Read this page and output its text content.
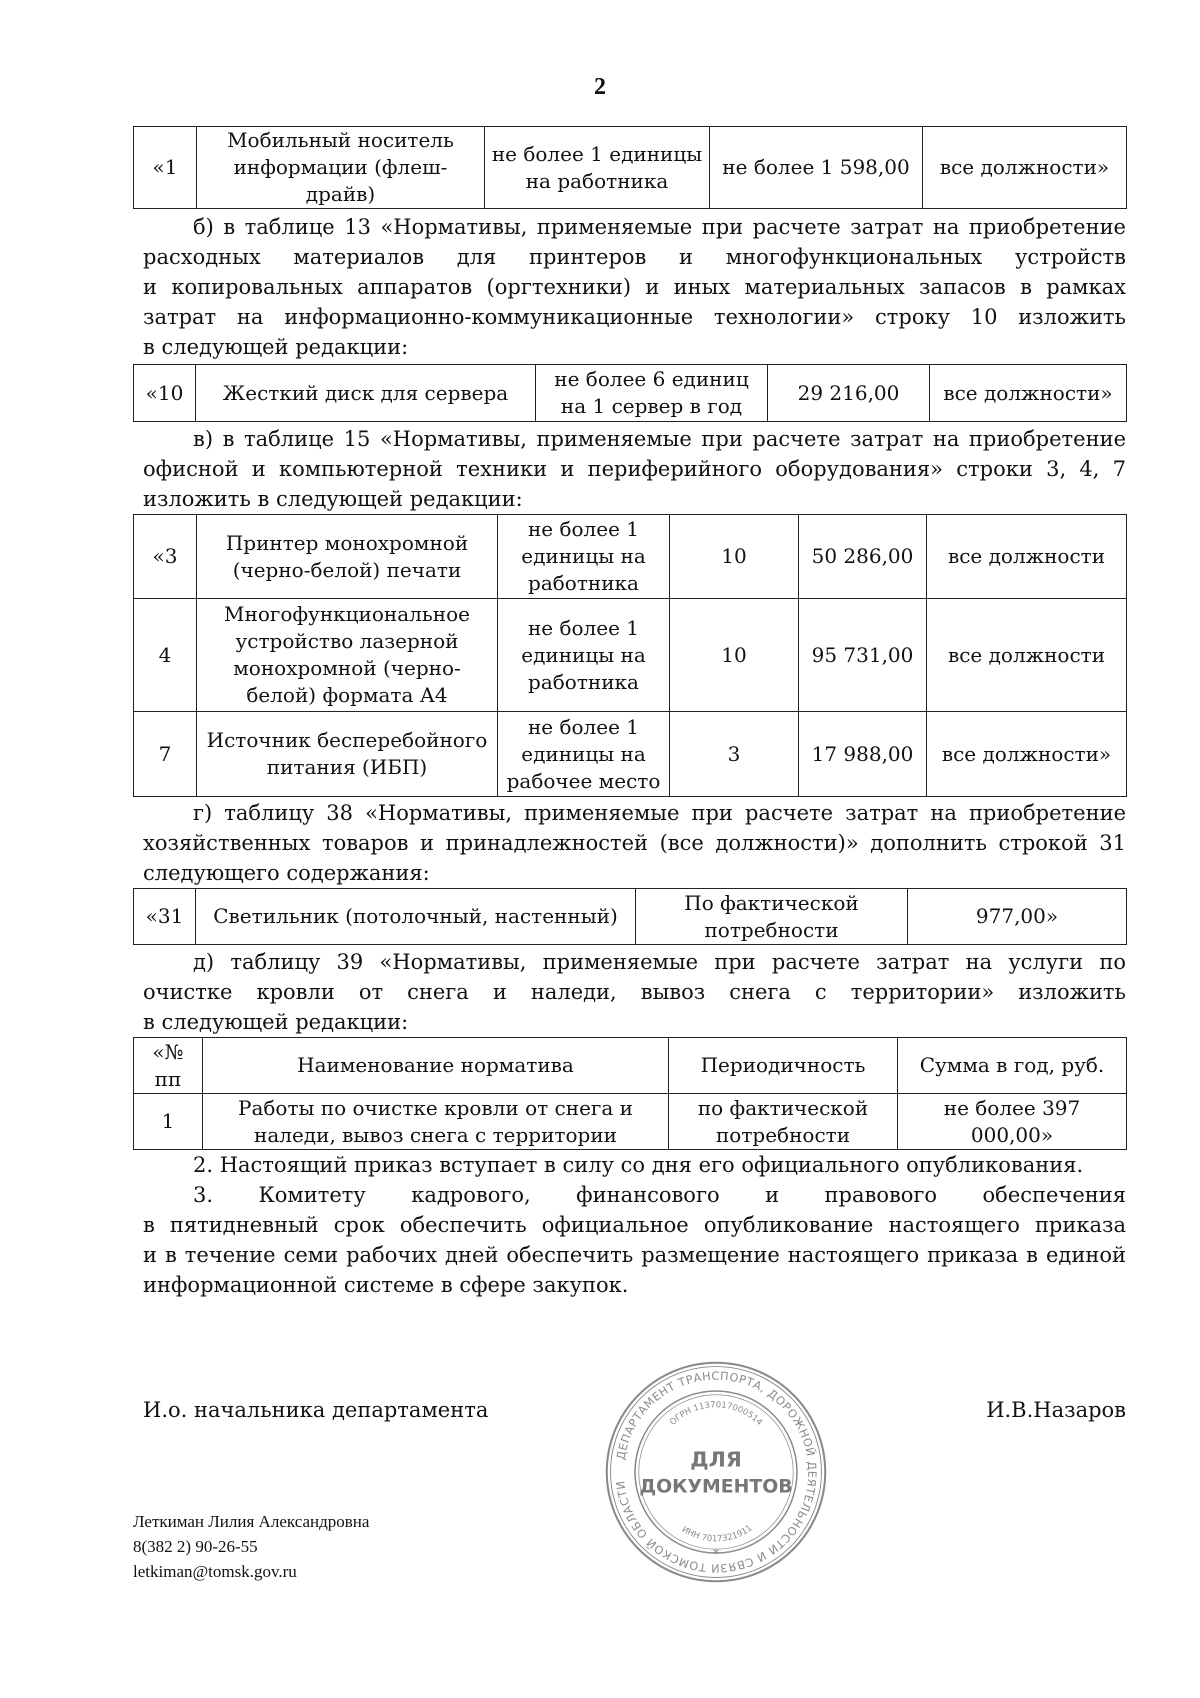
2
«1	Мобильный носитель информации (флеш-драйв)	не более 1 единицы на работника	не более 1 598,00	все должности»
б) в таблице 13 «Нормативы, применяемые при расчете затрат на приобретение
расходных материалов для принтеров и многофункциональных устройств
и копировальных аппаратов (оргтехники) и иных материальных запасов в рамках
затрат на информационно-коммуникационные технологии» строку 10 изложить
в следующей редакции:
«10	Жесткий диск для сервера	не более 6 единиц на 1 сервер в год	29 216,00	все должности»
в) в таблице 15 «Нормативы, применяемые при расчете затрат на приобретение
офисной и компьютерной техники и периферийного оборудования» строки 3, 4, 7
изложить в следующей редакции:
«3	Принтер монохромной (черно-белой) печати	не более 1 единицы на работника	10	50 286,00	все должности
4	Многофункциональное устройство лазерной монохромной (черно-белой) формата А4	не более 1 единицы на работника	10	95 731,00	все должности
7	Источник бесперебойного питания (ИБП)	не более 1 единицы на рабочее место	3	17 988,00	все должности»
г) таблицу 38 «Нормативы, применяемые при расчете затрат на приобретение
хозяйственных товаров и принадлежностей (все должности)» дополнить строкой 31
следующего содержания:
«31	Светильник (потолочный, настенный)	По фактической потребности	977,00»
д) таблицу 39 «Нормативы, применяемые при расчете затрат на услуги по
очистке кровли от снега и наледи, вывоз снега с территории» изложить
в следующей редакции:
«№ пп	Наименование норматива	Периодичность	Сумма в год, руб.
1	Работы по очистке кровли от снега и наледи, вывоз снега с территории	по фактической потребности	не более 397 000,00»
2. Настоящий приказ вступает в силу со дня его официального опубликования.
3. Комитету кадрового, финансового и правового обеспечения
в пятидневный срок обеспечить официальное опубликование настоящего приказа
и в течение семи рабочих дней обеспечить размещение настоящего приказа в единой
информационной системе в сфере закупок.
И.о. начальника департамента	И.В.Назаров
ДЕПАРТАМЕНТ ТРАНСПОРТА, ДОРОЖНОЙ ДЕЯТЕЛЬНОСТИ И СВЯЗИ ТОМСКОЙ ОБЛАСТИ
ОГРН 1137017000514
ИНН 7017321911
ДЛЯ
ДОКУМЕНТОВ
*
Леткиман Лилия Александровна
8(382 2) 90-26-55
letkiman@tomsk.gov.ru
